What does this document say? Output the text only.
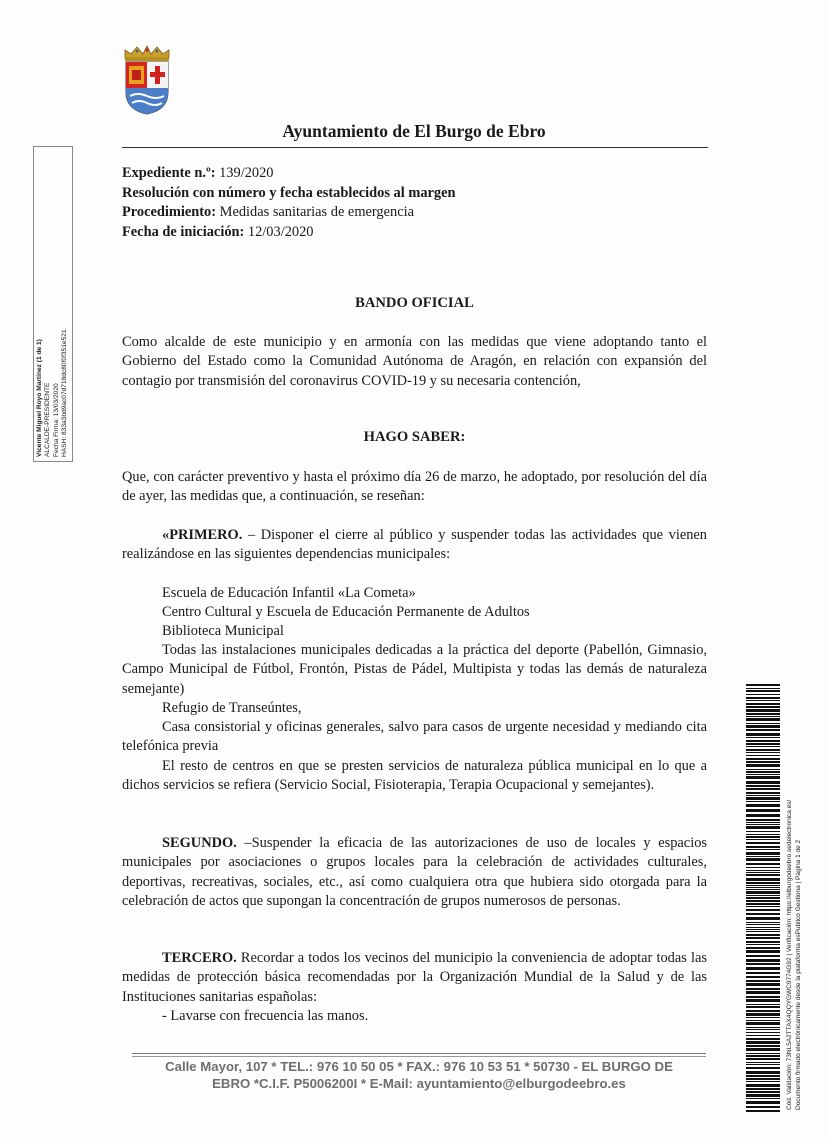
Ayuntamiento de El Burgo de Ebro
Vicente Miguel Royo Martínez (1 de 1) ALCALDE-PRESIDENTE Fecha Firma: 13/03/2020 HASH: 833a3bd9ac07d718dc80f0f351e521
Expediente n.º: 139/2020
Resolución con número y fecha establecidos al margen
Procedimiento: Medidas sanitarias de emergencia
Fecha de iniciación: 12/03/2020
BANDO OFICIAL
Como alcalde de este municipio y en armonía con las medidas que viene adoptando tanto el Gobierno del Estado como la Comunidad Autónoma de Aragón, en relación con expansión del contagio por transmisión del coronavirus COVID-19 y su necesaria contención,
HAGO SABER:
Que, con carácter preventivo y hasta el próximo día 26 de marzo, he adoptado, por resolución del día de ayer, las medidas que, a continuación, se reseñan:
«PRIMERO. – Disponer el cierre al público y suspender todas las actividades que vienen realizándose en las siguientes dependencias municipales:
Escuela de Educación Infantil «La Cometa»
Centro Cultural y Escuela de Educación Permanente de Adultos
Biblioteca Municipal
Todas las instalaciones municipales dedicadas a la práctica del deporte (Pabellón, Gimnasio, Campo Municipal de Fútbol, Frontón, Pistas de Pádel, Multipista y todas las demás de naturaleza semejante)
Refugio de Transeúntes,
Casa consistorial y oficinas generales, salvo para casos de urgente necesidad y mediando cita telefónica previa
El resto de centros en que se presten servicios de naturaleza pública municipal en lo que a dichos servicios se refiera (Servicio Social, Fisioterapia, Terapia Ocupacional y semejantes).
SEGUNDO. –Suspender la eficacia de las autorizaciones de uso de locales y espacios municipales por asociaciones o grupos locales para la celebración de actividades culturales, deportivas, recreativas, sociales, etc., así como cualquiera otra que hubiera sido otorgada para la celebración de actos que supongan la concentración de grupos numerosos de personas.
TERCERO. Recordar a todos los vecinos del municipio la conveniencia de adoptar todas las medidas de protección básica recomendadas por la Organización Mundial de la Salud y de las Instituciones sanitarias españolas:
- Lavarse con frecuencia las manos.
Calle Mayor, 107 * TEL.: 976 10 50 05 * FAX.: 976 10 53 51 * 50730 - EL BURGO DE
EBRO *C.I.F. P5006200I * E-Mail: ayuntamiento@elburgodeebro.es	Cód. Validación: 73NL5A2TTAX4QQYGWC9774G92 | Verificación: https://elburgodeebro.sedelectronica.es/ Documento firmado electrónicamente desde la plataforma esPublico Gestiona | Página 1 de 2
